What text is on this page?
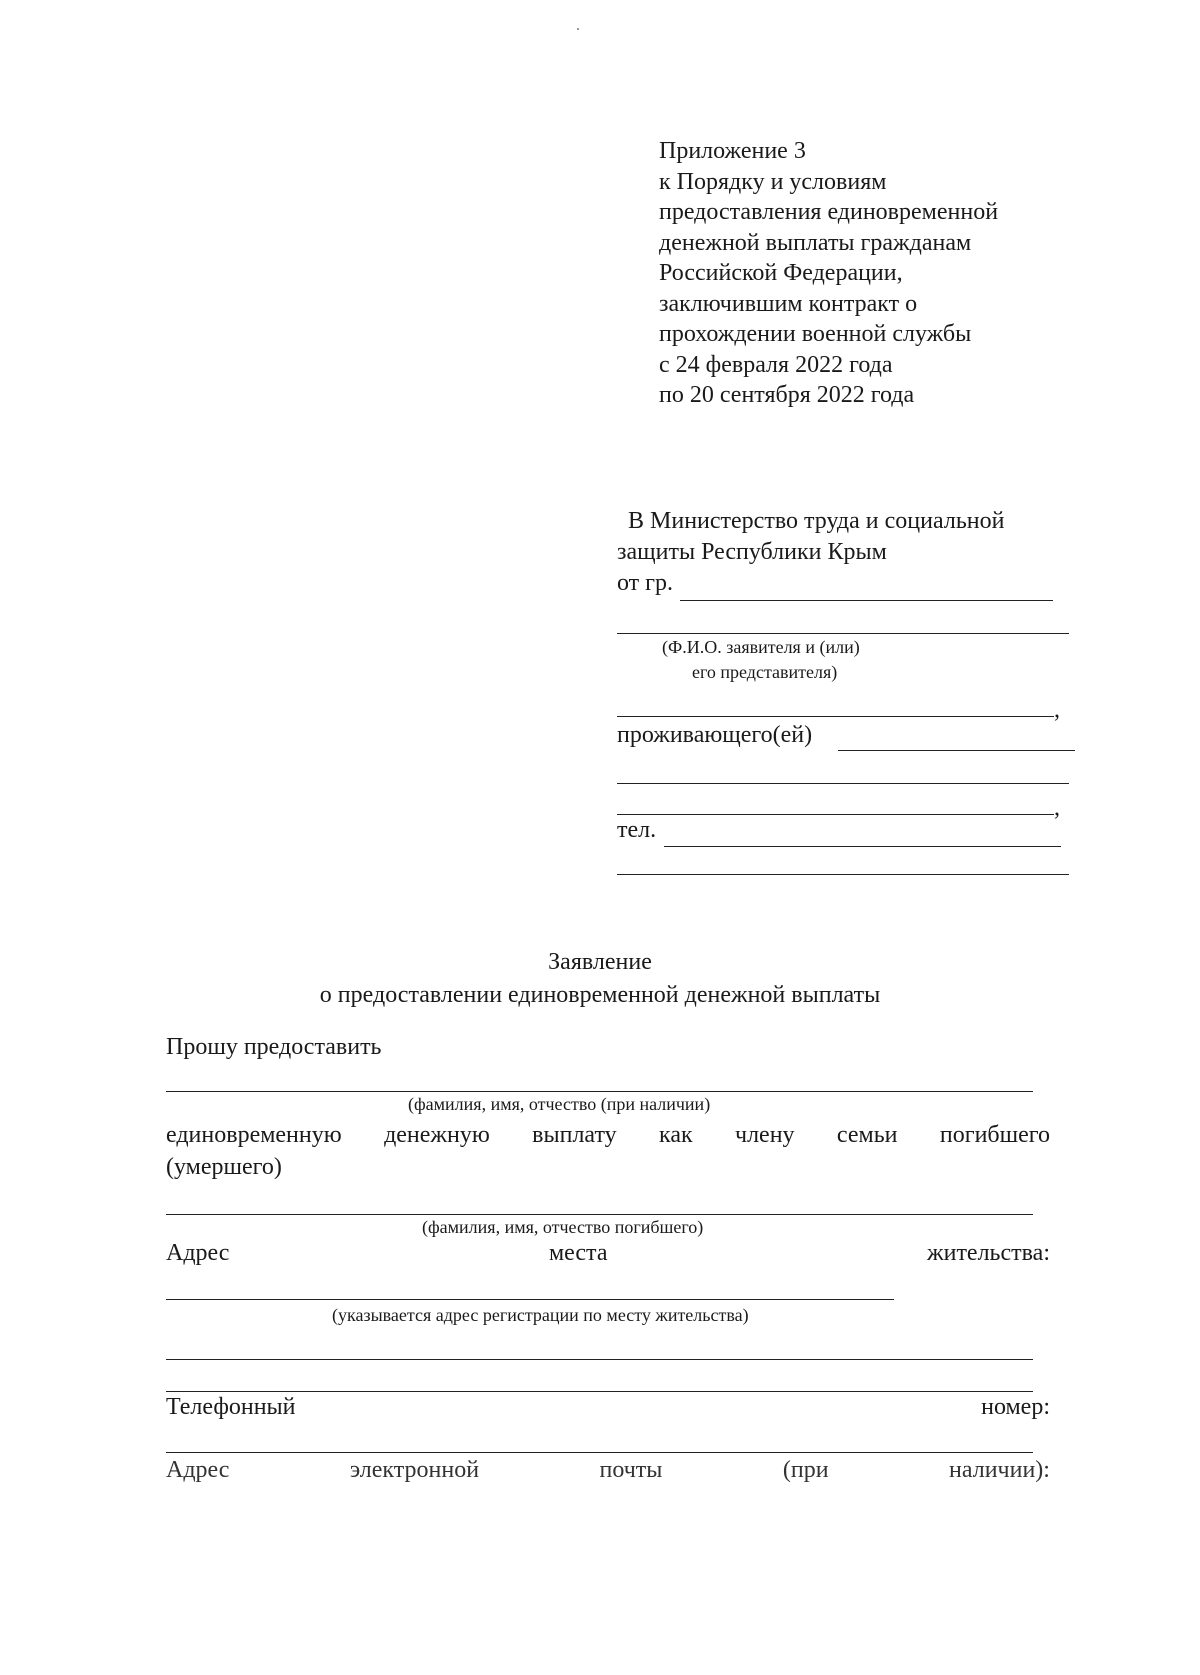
Приложение 3
к Порядку и условиям
предоставления единовременной
денежной выплаты гражданам
Российской Федерации,
заключившим контракт о
прохождении военной службы
с 24 февраля 2022 года
по 20 сентября 2022 года
В Министерство труда и социальной
защиты Республики Крым
от гр.
(Ф.И.О. заявителя и (или)
его представителя)
,
проживающего(ей)
,
тел.
Заявление
о предоставлении единовременной денежной выплаты
Прошу предоставить
(фамилия, имя, отчество (при наличии)
единовременную денежную выплату как члену семьи погибшего
(умершего)
(фамилия, имя, отчество погибшего)
Адрес	места	жительства:
(указывается адрес регистрации по месту жительства)
Телефонный	номер:
Адрес	электронной	почты	(при	наличии):
